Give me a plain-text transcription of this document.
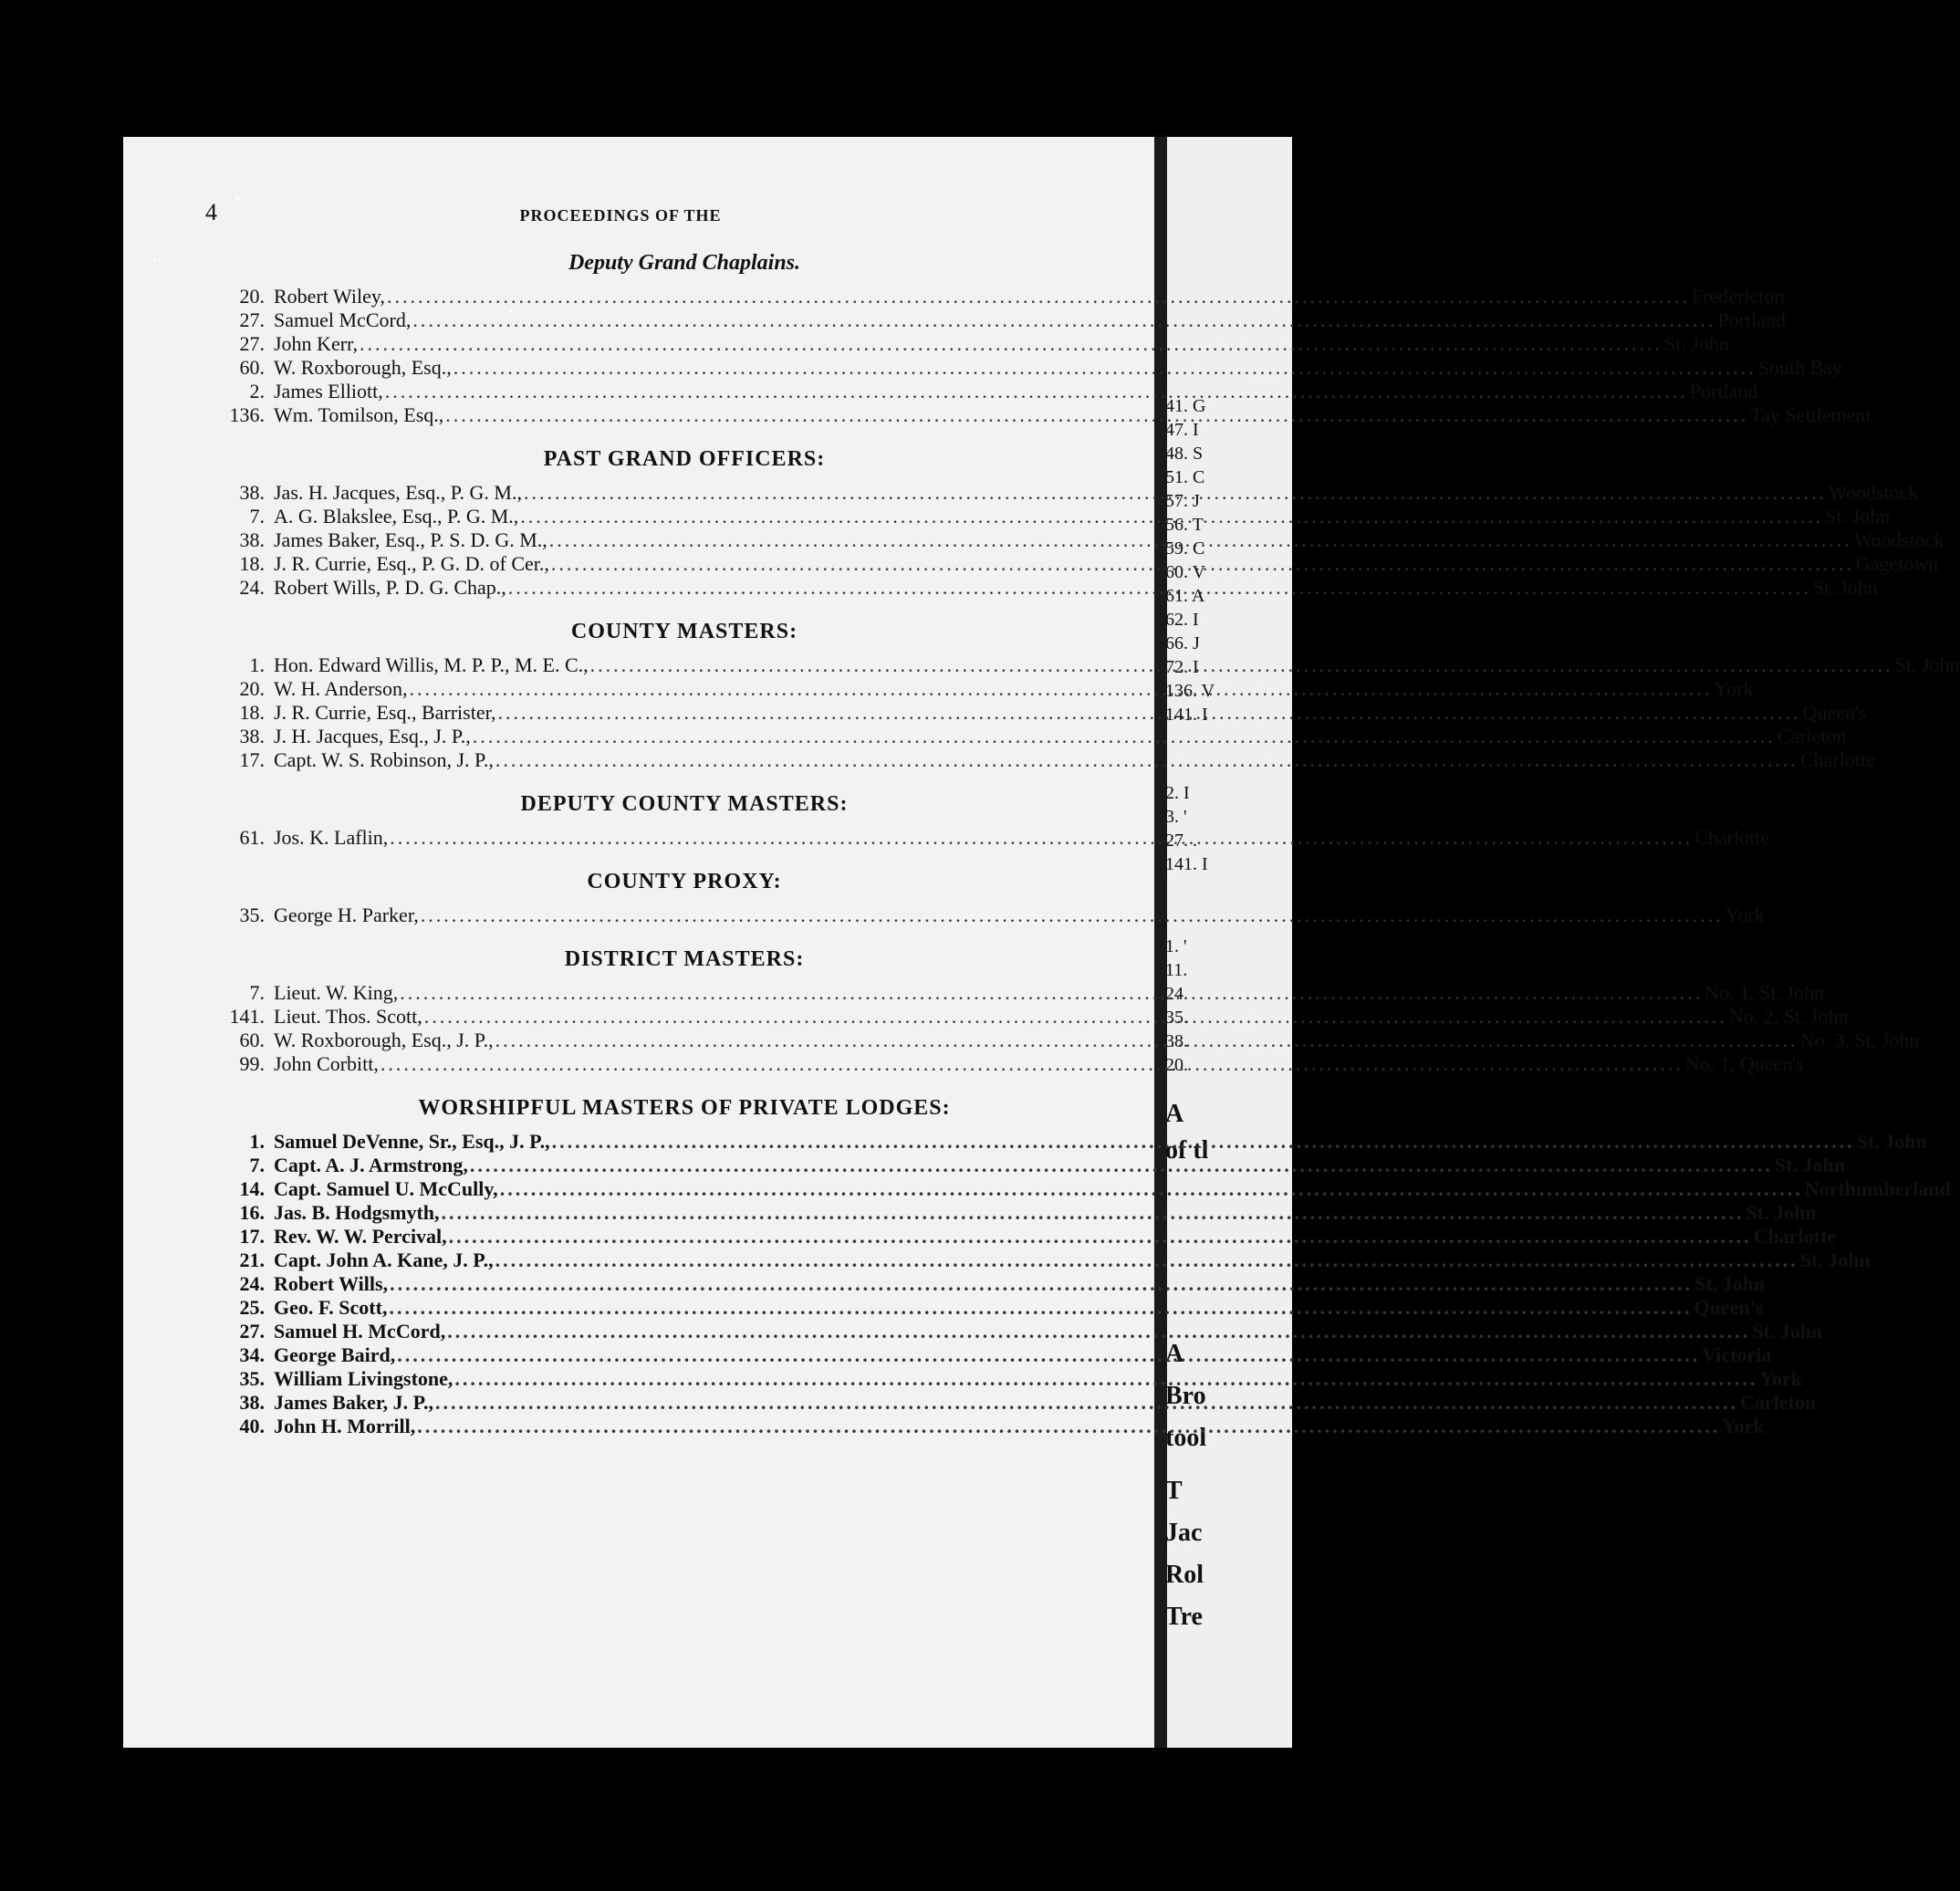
41. G
47. I
48. S
51. C
57. J
56. T
59. C
60. V
61. A
62. I
66. J
72. I
136. V
141. I
2. I
3. '
27. .
141. I
1. '
11.
24.
35.
38.
20.
A
of tl
A
Bro
tool
T
Jac
Rol
Tre
4	PROCEEDINGS OF THE
Deputy Grand Chaplains.
20. Robert Wiley, .....	Fredericton
27. Samuel McCord, .....	Portland
27. John Kerr, .....	St. John
60. W. Roxborough, Esq., .....	South Bay
2. James Elliott, .....	Portland
136. Wm. Tomilson, Esq., .....	Tay Settlement
PAST GRAND OFFICERS:
38. Jas. H. Jacques, Esq., P. G. M., .....	Woodstock
7. A. G. Blakslee, Esq., P. G. M., .....	St. John
38. James Baker, Esq., P. S. D. G. M., .....	Woodstock
18. J. R. Currie, Esq., P. G. D. of Cer., .....	Gagetown
24. Robert Wills, P. D. G. Chap., .....	St. John
COUNTY MASTERS:
1. Hon. Edward Willis, M. P. P., M. E. C., .....	St. John
20. W. H. Anderson, .....	York
18. J. R. Currie, Esq., Barrister, .....	Queen's
38. J. H. Jacques, Esq., J. P., .....	Carleton
17. Capt. W. S. Robinson, J. P., .....	Charlotte
DEPUTY COUNTY MASTERS:
61. Jos. K. Laflin, .....	Charlotte
COUNTY PROXY:
35. George H. Parker, .....	York
DISTRICT MASTERS:
7. Lieut. W. King, .....	No. 1, St. John
141. Lieut. Thos. Scott, .....	No. 2, St. John
60. W. Roxborough, Esq., J. P., .....	No. 3, St. John
99. John Corbitt, .....	No. 1, Queen's
WORSHIPFUL MASTERS OF PRIVATE LODGES:
1. Samuel DeVenne, Sr., Esq., J. P., .....	St. John
7. Capt. A. J. Armstrong, .....	St. John
14. Capt. Samuel U. McCully, .....	Northumberland
16. Jas. B. Hodgsmyth, .....	St. John
17. Rev. W. W. Percival, .....	Charlotte
21. Capt. John A. Kane, J. P., .....	St. John
24. Robert Wills, .....	St. John
25. Geo. F. Scott, .....	Queen's
27. Samuel H. McCord, .....	St. John
34. George Baird, .....	Victoria
35. William Livingstone, .....	York
38. James Baker, J. P., .....	Carleton
40. John H. Morrill, .....	York
